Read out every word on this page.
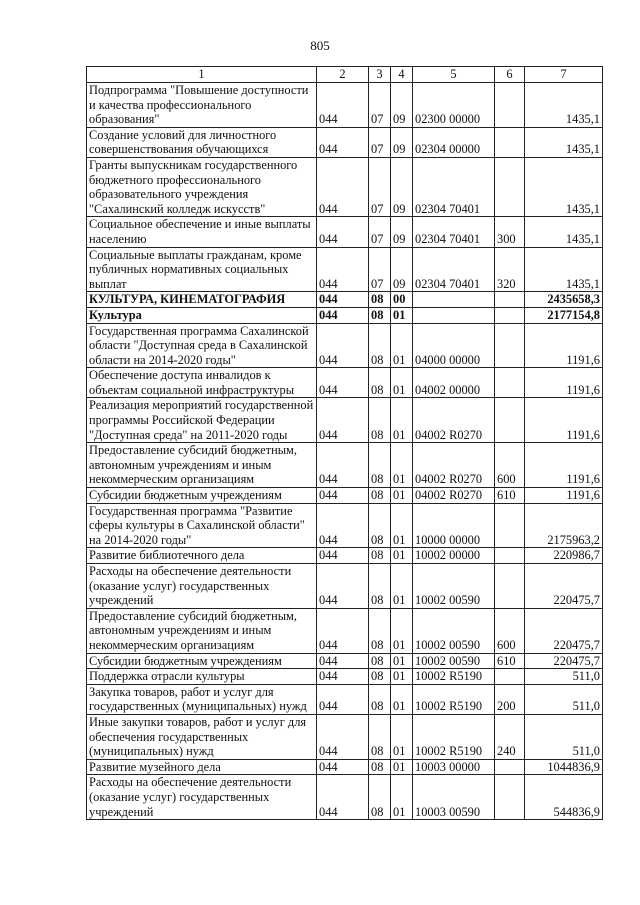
805
1	2	3	4	5	6	7
Подпрограмма "Повышение доступности и качества профессионального образования"	044	07	09	02300 00000		1435,1
Создание условий для личностного совершенствования обучающихся	044	07	09	02304 00000		1435,1
Гранты выпускникам государственного бюджетного профессионального образовательного учреждения "Сахалинский колледж искусств"	044	07	09	02304 70401		1435,1
Социальное обеспечение и иные выплаты населению	044	07	09	02304 70401	300	1435,1
Социальные выплаты гражданам, кроме публичных нормативных социальных выплат	044	07	09	02304 70401	320	1435,1
КУЛЬТУРА, КИНЕМАТОГРАФИЯ	044	08	00			2435658,3
Культура	044	08	01			2177154,8
Государственная программа Сахалинской области "Доступная среда в Сахалинской области на 2014-2020 годы"	044	08	01	04000 00000		1191,6
Обеспечение доступа инвалидов к объектам социальной инфраструктуры	044	08	01	04002 00000		1191,6
Реализация мероприятий государственной программы Российской Федерации "Доступная среда" на 2011-2020 годы	044	08	01	04002 R0270		1191,6
Предоставление субсидий бюджетным, автономным учреждениям и иным некоммерческим организациям	044	08	01	04002 R0270	600	1191,6
Субсидии бюджетным учреждениям	044	08	01	04002 R0270	610	1191,6
Государственная программа "Развитие сферы культуры в Сахалинской области" на 2014-2020 годы"	044	08	01	10000 00000		2175963,2
Развитие библиотечного дела	044	08	01	10002 00000		220986,7
Расходы на обеспечение деятельности (оказание услуг) государственных учреждений	044	08	01	10002 00590		220475,7
Предоставление субсидий бюджетным, автономным учреждениям и иным некоммерческим организациям	044	08	01	10002 00590	600	220475,7
Субсидии бюджетным учреждениям	044	08	01	10002 00590	610	220475,7
Поддержка отрасли культуры	044	08	01	10002 R5190		511,0
Закупка товаров, работ и услуг для государственных (муниципальных) нужд	044	08	01	10002 R5190	200	511,0
Иные закупки товаров, работ и услуг для обеспечения государственных (муниципальных) нужд	044	08	01	10002 R5190	240	511,0
Развитие музейного дела	044	08	01	10003 00000		1044836,9
Расходы на обеспечение деятельности (оказание услуг) государственных учреждений	044	08	01	10003 00590		544836,9
